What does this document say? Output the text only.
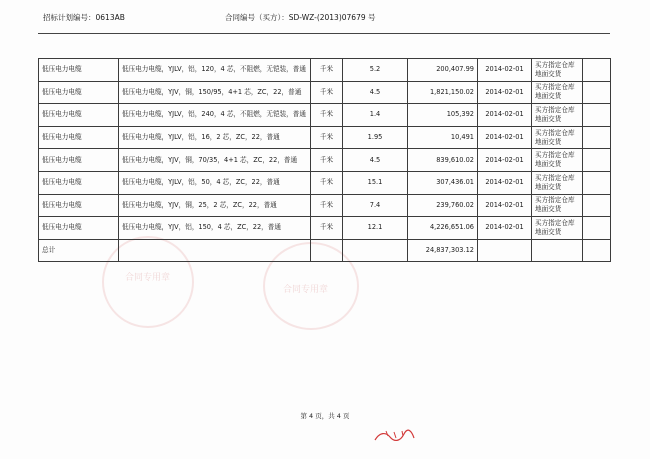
招标计划编号：0613AB	合同编号（买方）：SD-WZ-(2013)07679 号
合同专用章
合同专用章
低压电力电缆	低压电力电缆，YJLV，铝，120，4 芯，不阻燃，无铠装，普通	千米	5.2	200,407.99	2014-02-01	买方指定仓库地面交货	
低压电力电缆	低压电力电缆，YJV，铜，150/95，4+1 芯，ZC，22，普通	千米	4.5	1,821,150.02	2014-02-01	买方指定仓库地面交货	
低压电力电缆	低压电力电缆，YJLV，铝，240，4 芯，不阻燃，无铠装，普通	千米	1.4	105,392	2014-02-01	买方指定仓库地面交货	
低压电力电缆	低压电力电缆，YJLV，铝，16，2 芯，ZC，22，普通	千米	1.95	10,491	2014-02-01	买方指定仓库地面交货	
低压电力电缆	低压电力电缆，YJV，铜，70/35，4+1 芯，ZC，22，普通	千米	4.5	839,610.02	2014-02-01	买方指定仓库地面交货	
低压电力电缆	低压电力电缆，YJLV，铝，50，4 芯，ZC，22，普通	千米	15.1	307,436.01	2014-02-01	买方指定仓库地面交货	
低压电力电缆	低压电力电缆，YJV，铜，25，2 芯，ZC，22，普通	千米	7.4	239,760.02	2014-02-01	买方指定仓库地面交货	
低压电力电缆	低压电力电缆，YJV，铝，150，4 芯，ZC，22，普通	千米	12.1	4,226,651.06	2014-02-01	买方指定仓库地面交货	
总计				24,837,303.12			
第 4 页，共 4 页
